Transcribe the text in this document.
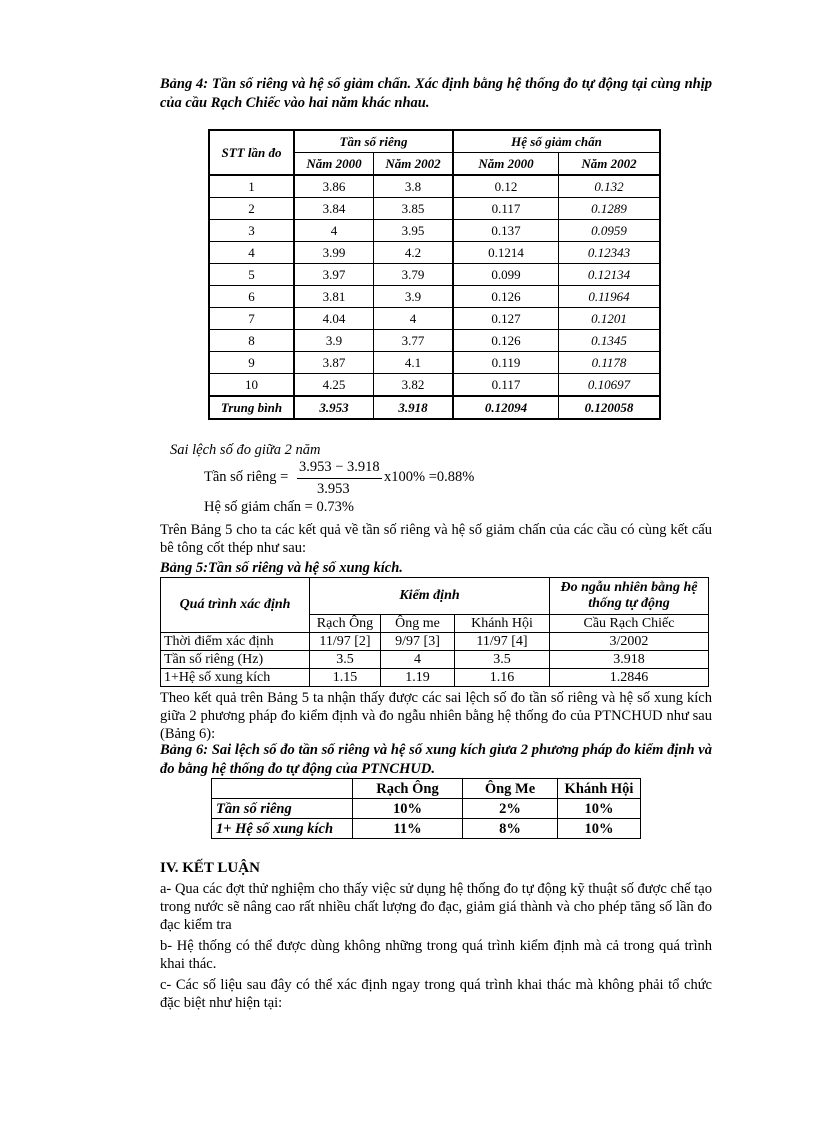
Bảng 4: Tần số riêng và hệ số giảm chấn. Xác định bằng hệ thống đo tự động tại cùng nhịp của cầu Rạch Chiếc vào hai năm khác nhau.
STT lần đo	Tần số riêng		Hệ số giảm chấn	
	Năm 2000	Năm 2002	Năm 2000	Năm 2002
1	3.86	3.8	0.12	0.132
2	3.84	3.85	0.117	0.1289
3	4	3.95	0.137	0.0959
4	3.99	4.2	0.1214	0.12343
5	3.97	3.79	0.099	0.12134
6	3.81	3.9	0.126	0.11964
7	4.04	4	0.127	0.1201
8	3.9	3.77	0.126	0.1345
9	3.87	4.1	0.119	0.1178
10	4.25	3.82	0.117	0.10697
Trung bình	3.953	3.918	0.12094	0.120058
Sai lệch số đo giữa 2 năm
Tần số riêng =
3.953 − 3.918
3.953
x100% =0.88%
Hệ số giảm chấn = 0.73%
Trên Bảng 5 cho ta các kết quả về tần số riêng và hệ số giảm chấn của các cầu có cùng kết cấu bê tông cốt thép như sau:
Bảng 5:Tần số riêng và hệ số xung kích.
Quá trình xác định	Kiểm định			Đo ngẫu nhiên bằng hệ thống tự động
	Rạch Ông	Ông me	Khánh Hội	Cầu Rạch Chiếc
Thời điểm xác định	11/97 [2]	9/97 [3]	11/97 [4]	3/2002
Tần số riêng (Hz)	3.5	4	3.5	3.918
1+Hệ số xung kích	1.15	1.19	1.16	1.2846
Theo kết quả trên Bảng 5 ta nhận thấy được các sai lệch số đo tần số riêng và hệ số xung kích giữa 2 phương pháp đo kiểm định và đo ngẫu nhiên bằng hệ thống đo của PTNCHUD như sau (Bảng 6):
Bảng 6: Sai lệch số đo tần số riêng và hệ số xung kích giưa 2 phương pháp đo kiểm định và đo bằng hệ thống đo tự động của PTNCHUD.
	Rạch Ông	Ông Me	Khánh Hội
Tần số riêng	10%	2%	10%
1+ Hệ số xung kích	11%	8%	10%
IV. KẾT LUẬN
a- Qua các đợt thử nghiệm cho thấy việc sử dụng hệ thống đo tự động kỹ thuật số được chế tạo trong nước sẽ nâng cao rất nhiều chất lượng đo đạc, giảm giá thành và cho phép tăng số lần đo đạc kiểm tra
b- Hệ thống có thể được dùng không những trong quá trình kiểm định mà cả trong quá trình khai thác.
c- Các số liệu sau đây có thể xác định ngay trong quá trình khai thác mà không phải tổ chức đặc biệt như hiện tại:
